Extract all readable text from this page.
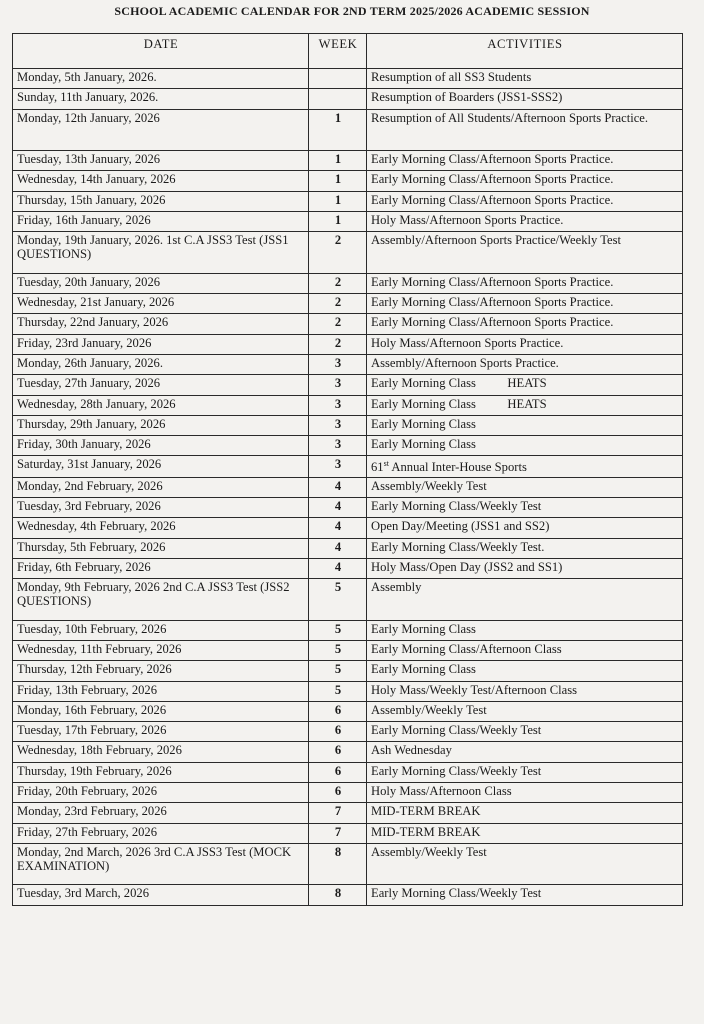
SCHOOL ACADEMIC CALENDAR FOR 2ND TERM 2025/2026 ACADEMIC SESSION
DATE	WEEK	ACTIVITIES
Monday, 5th January, 2026.		Resumption of all SS3 Students
Sunday, 11th January, 2026.		Resumption of Boarders (JSS1-SSS2)
Monday, 12th January, 2026	1	Resumption of All Students/Afternoon Sports Practice.
Tuesday, 13th January, 2026	1	Early Morning Class/Afternoon Sports Practice.
Wednesday, 14th January, 2026	1	Early Morning Class/Afternoon Sports Practice.
Thursday, 15th January, 2026	1	Early Morning Class/Afternoon Sports Practice.
Friday, 16th January, 2026	1	Holy Mass/Afternoon Sports Practice.
Monday, 19th January, 2026. 1st C.A JSS3 Test (JSS1 QUESTIONS)	2	Assembly/Afternoon Sports Practice/Weekly Test
Tuesday, 20th January, 2026	2	Early Morning Class/Afternoon Sports Practice.
Wednesday, 21st January, 2026	2	Early Morning Class/Afternoon Sports Practice.
Thursday, 22nd January, 2026	2	Early Morning Class/Afternoon Sports Practice.
Friday, 23rd January, 2026	2	Holy Mass/Afternoon Sports Practice.
Monday, 26th January, 2026.	3	Assembly/Afternoon Sports Practice.
Tuesday, 27th January, 2026	3	Early Morning Class          HEATS
Wednesday, 28th January, 2026	3	Early Morning Class          HEATS
Thursday, 29th January, 2026	3	Early Morning Class
Friday, 30th January, 2026	3	Early Morning Class
Saturday, 31st January, 2026	3	61st Annual Inter-House Sports
Monday, 2nd February, 2026	4	Assembly/Weekly Test
Tuesday, 3rd February, 2026	4	Early Morning Class/Weekly Test
Wednesday, 4th February, 2026	4	Open Day/Meeting (JSS1 and SS2)
Thursday, 5th February, 2026	4	Early Morning Class/Weekly Test.
Friday, 6th February, 2026	4	Holy Mass/Open Day (JSS2 and SS1)
Monday, 9th February, 2026 2nd C.A JSS3 Test (JSS2 QUESTIONS)	5	Assembly
Tuesday, 10th February, 2026	5	Early Morning Class
Wednesday, 11th February, 2026	5	Early Morning Class/Afternoon Class
Thursday, 12th February, 2026	5	Early Morning Class
Friday, 13th February, 2026	5	Holy Mass/Weekly Test/Afternoon Class
Monday, 16th February, 2026	6	Assembly/Weekly Test
Tuesday, 17th February, 2026	6	Early Morning Class/Weekly Test
Wednesday, 18th February, 2026	6	Ash Wednesday
Thursday, 19th February, 2026	6	Early Morning Class/Weekly Test
Friday, 20th February, 2026	6	Holy Mass/Afternoon Class
Monday, 23rd February, 2026	7	MID-TERM BREAK
Friday, 27th February, 2026	7	MID-TERM BREAK
Monday, 2nd March, 2026 3rd C.A JSS3 Test (MOCK EXAMINATION)	8	Assembly/Weekly Test
Tuesday, 3rd March, 2026	8	Early Morning Class/Weekly Test
